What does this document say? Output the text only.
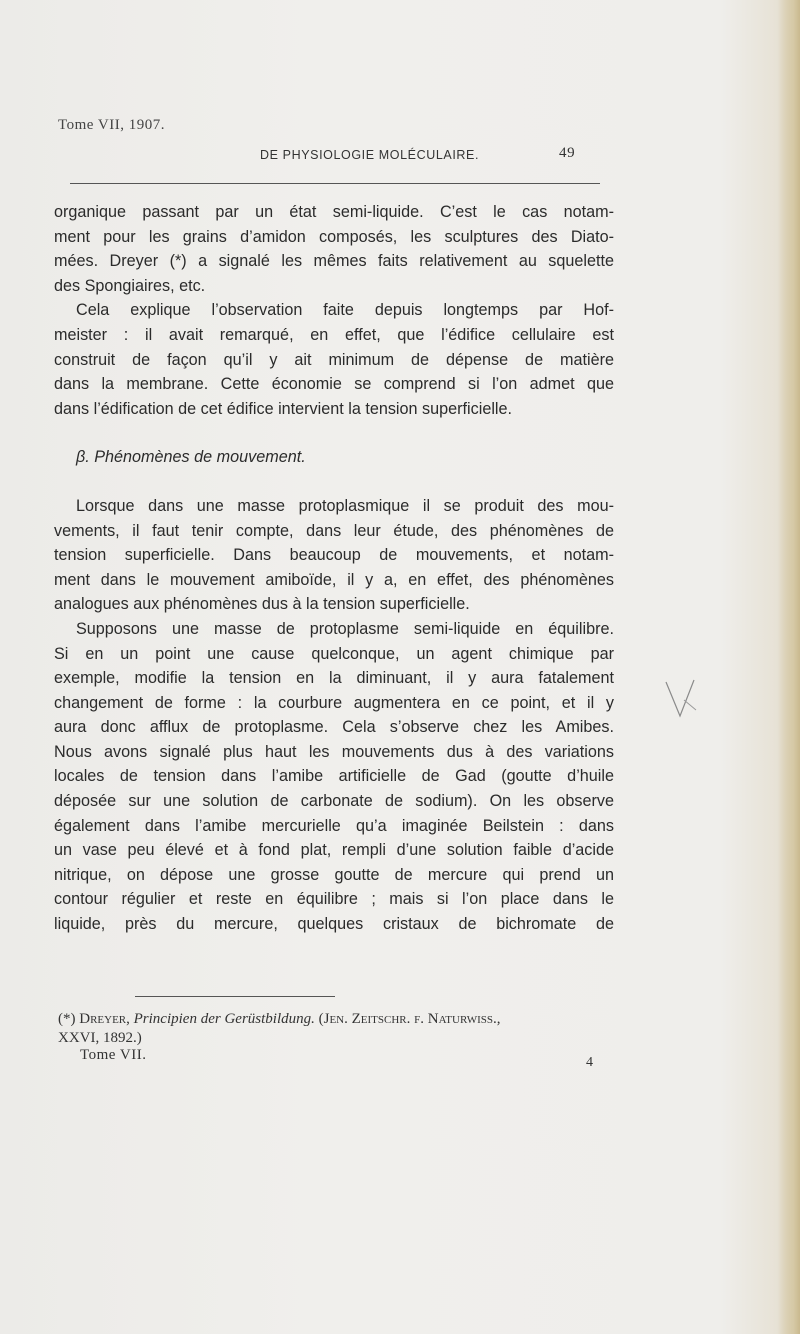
Tome VII, 1907.
DE PHYSIOLOGIE MOLÉCULAIRE.	49
organique passant par un état semi-liquide. C’est le cas notam-
ment pour les grains d’amidon composés, les sculptures des Diato-
mées. Dreyer (*) a signalé les mêmes faits relativement au squelette
des Spongiaires, etc.
Cela explique l’observation faite depuis longtemps par Hof-
meister : il avait remarqué, en effet, que l’édifice cellulaire est
construit de façon qu’il y ait minimum de dépense de matière
dans la membrane. Cette économie se comprend si l’on admet que
dans l’édification de cet édifice intervient la tension superficielle.
β. Phénomènes de mouvement.
Lorsque dans une masse protoplasmique il se produit des mou-
vements, il faut tenir compte, dans leur étude, des phénomènes de
tension superficielle. Dans beaucoup de mouvements, et notam-
ment dans le mouvement amiboïde, il y a, en effet, des phénomènes
analogues aux phénomènes dus à la tension superficielle.
Supposons une masse de protoplasme semi-liquide en équilibre.
Si en un point une cause quelconque, un agent chimique par
exemple, modifie la tension en la diminuant, il y aura fatalement
changement de forme : la courbure augmentera en ce point, et il y
aura donc afflux de protoplasme. Cela s’observe chez les Amibes.
Nous avons signalé plus haut les mouvements dus à des variations
locales de tension dans l’amibe artificielle de Gad (goutte d’huile
déposée sur une solution de carbonate de sodium). On les observe
également dans l’amibe mercurielle qu’a imaginée Beilstein : dans
un vase peu élevé et à fond plat, rempli d’une solution faible d’acide
nitrique, on dépose une grosse goutte de mercure qui prend un
contour régulier et reste en équilibre ; mais si l’on place dans le
liquide, près du mercure, quelques cristaux de bichromate de
(*) Dreyer, Principien der Gerüstbildung. (Jen. Zeitschr. f. Naturwiss.,
XXVI, 1892.)
Tome VII.	4
